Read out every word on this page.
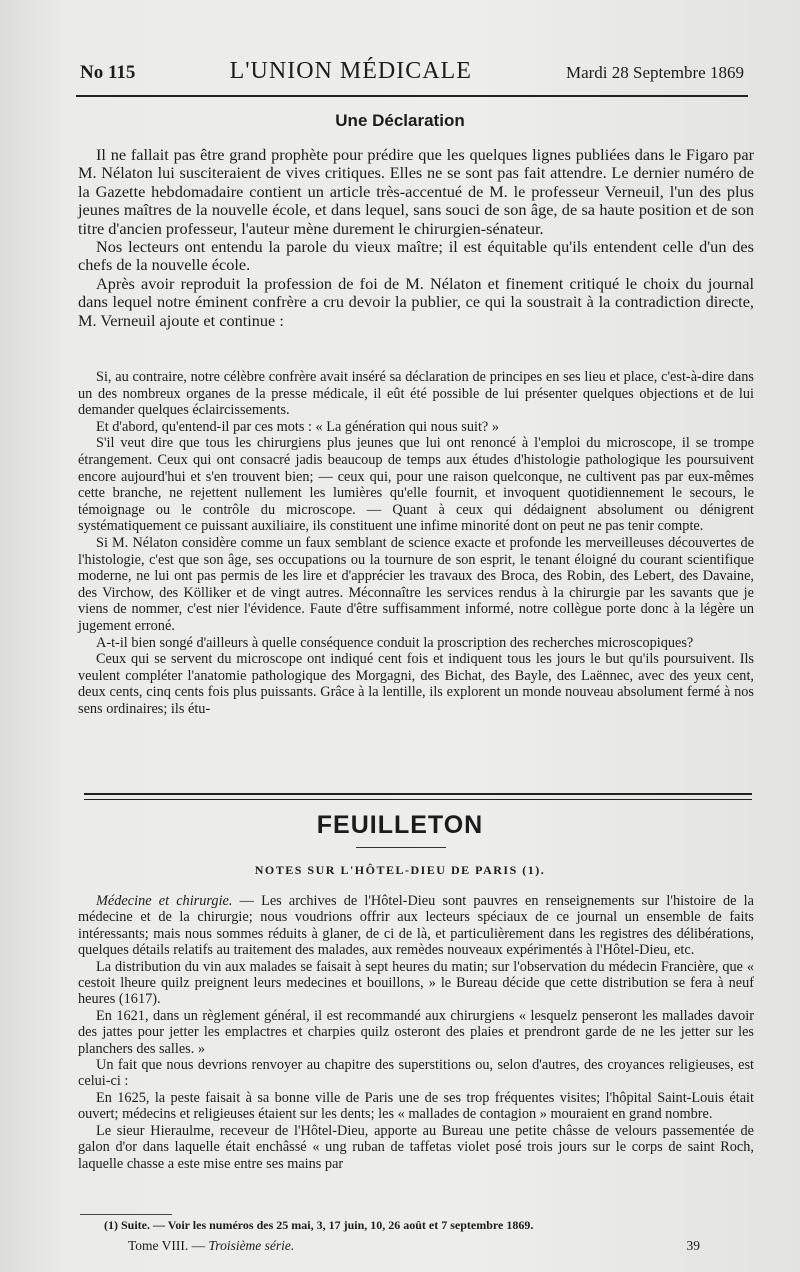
No 115	L'UNION MÉDICALE	Mardi 28 Septembre 1869
Une Déclaration

Il ne fallait pas être grand prophète pour prédire que les quelques lignes publiées dans le Figaro par M. Nélaton lui susciteraient de vives critiques. Elles ne se sont pas fait attendre. Le dernier numéro de la Gazette hebdomadaire contient un article très-accentué de M. le professeur Verneuil, l'un des plus jeunes maîtres de la nouvelle école, et dans lequel, sans souci de son âge, de sa haute position et de son titre d'ancien professeur, l'auteur mène durement le chirurgien-sénateur.

Nos lecteurs ont entendu la parole du vieux maître; il est équitable qu'ils entendent celle d'un des chefs de la nouvelle école.

Après avoir reproduit la profession de foi de M. Nélaton et finement critiqué le choix du journal dans lequel notre éminent confrère a cru devoir la publier, ce qui la soustrait à la contradiction directe, M. Verneuil ajoute et continue :

Si, au contraire, notre célèbre confrère avait inséré sa déclaration de principes en ses lieu et place, c'est-à-dire dans un des nombreux organes de la presse médicale, il eût été possible de lui présenter quelques objections et de lui demander quelques éclaircissements.

Et d'abord, qu'entend-il par ces mots : « La génération qui nous suit? »

S'il veut dire que tous les chirurgiens plus jeunes que lui ont renoncé à l'emploi du microscope, il se trompe étrangement. Ceux qui ont consacré jadis beaucoup de temps aux études d'histologie pathologique les poursuivent encore aujourd'hui et s'en trouvent bien; — ceux qui, pour une raison quelconque, ne cultivent pas par eux-mêmes cette branche, ne rejettent nullement les lumières qu'elle fournit, et invoquent quotidiennement le secours, le témoignage ou le contrôle du microscope. — Quant à ceux qui dédaignent absolument ou dénigrent systématiquement ce puissant auxiliaire, ils constituent une infime minorité dont on peut ne pas tenir compte.

Si M. Nélaton considère comme un faux semblant de science exacte et profonde les merveilleuses découvertes de l'histologie, c'est que son âge, ses occupations ou la tournure de son esprit, le tenant éloigné du courant scientifique moderne, ne lui ont pas permis de les lire et d'apprécier les travaux des Broca, des Robin, des Lebert, des Davaine, des Virchow, des Kölliker et de vingt autres. Méconnaître les services rendus à la chirurgie par les savants que je viens de nommer, c'est nier l'évidence. Faute d'être suffisamment informé, notre collègue porte donc à la légère un jugement erroné.

A-t-il bien songé d'ailleurs à quelle conséquence conduit la proscription des recherches microscopiques?

Ceux qui se servent du microscope ont indiqué cent fois et indiquent tous les jours le but qu'ils poursuivent. Ils veulent compléter l'anatomie pathologique des Morgagni, des Bichat, des Bayle, des Laënnec, avec des yeux cent, deux cents, cinq cents fois plus puissants. Grâce à la lentille, ils explorent un monde nouveau absolument fermé à nos sens ordinaires; ils étu-

FEUILLETON
NOTES SUR L'HÔTEL-DIEU DE PARIS (1).

Médecine et chirurgie. — Les archives de l'Hôtel-Dieu sont pauvres en renseignements sur l'histoire de la médecine et de la chirurgie; nous voudrions offrir aux lecteurs spéciaux de ce journal un ensemble de faits intéressants; mais nous sommes réduits à glaner, de ci de là, et particulièrement dans les registres des délibérations, quelques détails relatifs au traitement des malades, aux remèdes nouveaux expérimentés à l'Hôtel-Dieu, etc.

La distribution du vin aux malades se faisait à sept heures du matin; sur l'observation du médecin Francière, que « cestoit lheure quilz preignent leurs medecines et bouillons, » le Bureau décide que cette distribution se fera à neuf heures (1617).

En 1621, dans un règlement général, il est recommandé aux chirurgiens « lesquelz penseront les mallades davoir des jattes pour jetter les emplactres et charpies quilz osteront des plaies et prendront garde de ne les jetter sur les planchers des salles. »

Un fait que nous devrions renvoyer au chapitre des superstitions ou, selon d'autres, des croyances religieuses, est celui-ci :

En 1625, la peste faisait à sa bonne ville de Paris une de ses trop fréquentes visites; l'hôpital Saint-Louis était ouvert; médecins et religieuses étaient sur les dents; les « mallades de contagion » mouraient en grand nombre.

Le sieur Hieraulme, receveur de l'Hôtel-Dieu, apporte au Bureau une petite châsse de velours passementée de galon d'or dans laquelle était enchâssé « ung ruban de taffetas violet posé trois jours sur le corps de saint Roch, laquelle chasse a este mise entre ses mains par

(1) Suite. — Voir les numéros des 25 mai, 3, 17 juin, 10, 26 août et 7 septembre 1869.
Tome VIII. — Troisième série.	39
